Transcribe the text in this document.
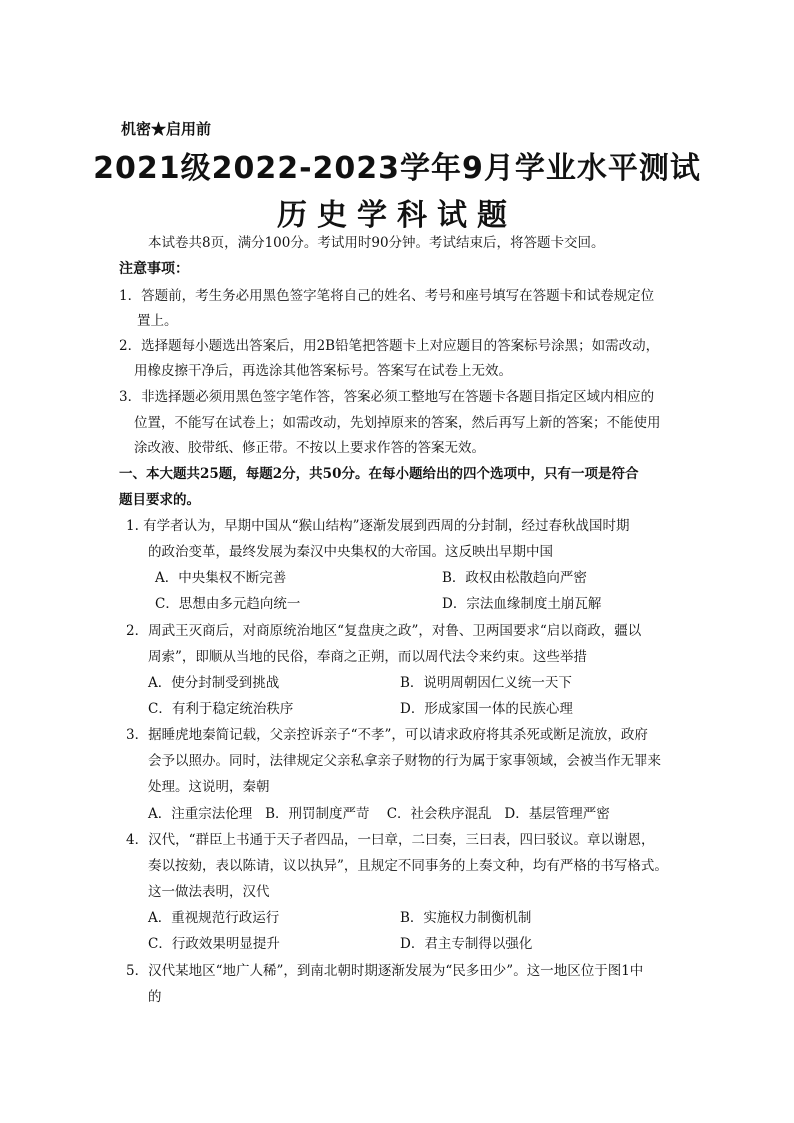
机密★启用前
2021级2022-2023学年9月学业水平测试
历史学科试题
本试卷共8页，满分100分。考试用时90分钟。考试结束后，将答题卡交回。
注意事项：
1．答题前，考生务必用黑色签字笔将自己的姓名、考号和座号填写在答题卡和试卷规定位
置上。
2．选择题每小题选出答案后，用2B铅笔把答题卡上对应题目的答案标号涂黑；如需改动，
用橡皮擦干净后，再选涂其他答案标号。答案写在试卷上无效。
3．非选择题必须用黑色签字笔作答，答案必须工整地写在答题卡各题目指定区域内相应的
位置，不能写在试卷上；如需改动，先划掉原来的答案，然后再写上新的答案；不能使用
涂改液、胶带纸、修正带。不按以上要求作答的答案无效。
一、本大题共25题，每题2分，共50分。在每小题给出的四个选项中，只有一项是符合
题目要求的。
1. 有学者认为，早期中国从“猴山结构”逐渐发展到西周的分封制，经过春秋战国时期
的政治变革，最终发展为秦汉中央集权的大帝国。这反映出早期中国
A．中央集权不断完善	B．政权由松散趋向严密
C．思想由多元趋向统一	D．宗法血缘制度土崩瓦解
2．周武王灭商后，对商原统治地区“复盘庚之政”，对鲁、卫两国要求“启以商政，疆以
周索”，即顺从当地的民俗，奉商之正朔，而以周代法令来约束。这些举措
A．使分封制受到挑战	B．说明周朝因仁义统一天下
C．有利于稳定统治秩序	D．形成家国一体的民族心理
3．据睡虎地秦简记载，父亲控诉亲子“不孝”，可以请求政府将其杀死或断足流放，政府
会予以照办。同时，法律规定父亲私拿亲子财物的行为属于家事领域，会被当作无罪来
处理。这说明，秦朝
A．注重宗法伦理   B．刑罚制度严苛    C．社会秩序混乱   D．基层管理严密
4．汉代，“群臣上书通于天子者四品，一曰章，二曰奏，三曰表，四曰驳议。章以谢恩，
奏以按劾，表以陈请，议以执异”，且规定不同事务的上奏文种，均有严格的书写格式。
这一做法表明，汉代
A．重视规范行政运行	B．实施权力制衡机制
C．行政效果明显提升	D．君主专制得以强化
5．汉代某地区“地广人稀”，到南北朝时期逐渐发展为“民多田少”。这一地区位于图1中
的
